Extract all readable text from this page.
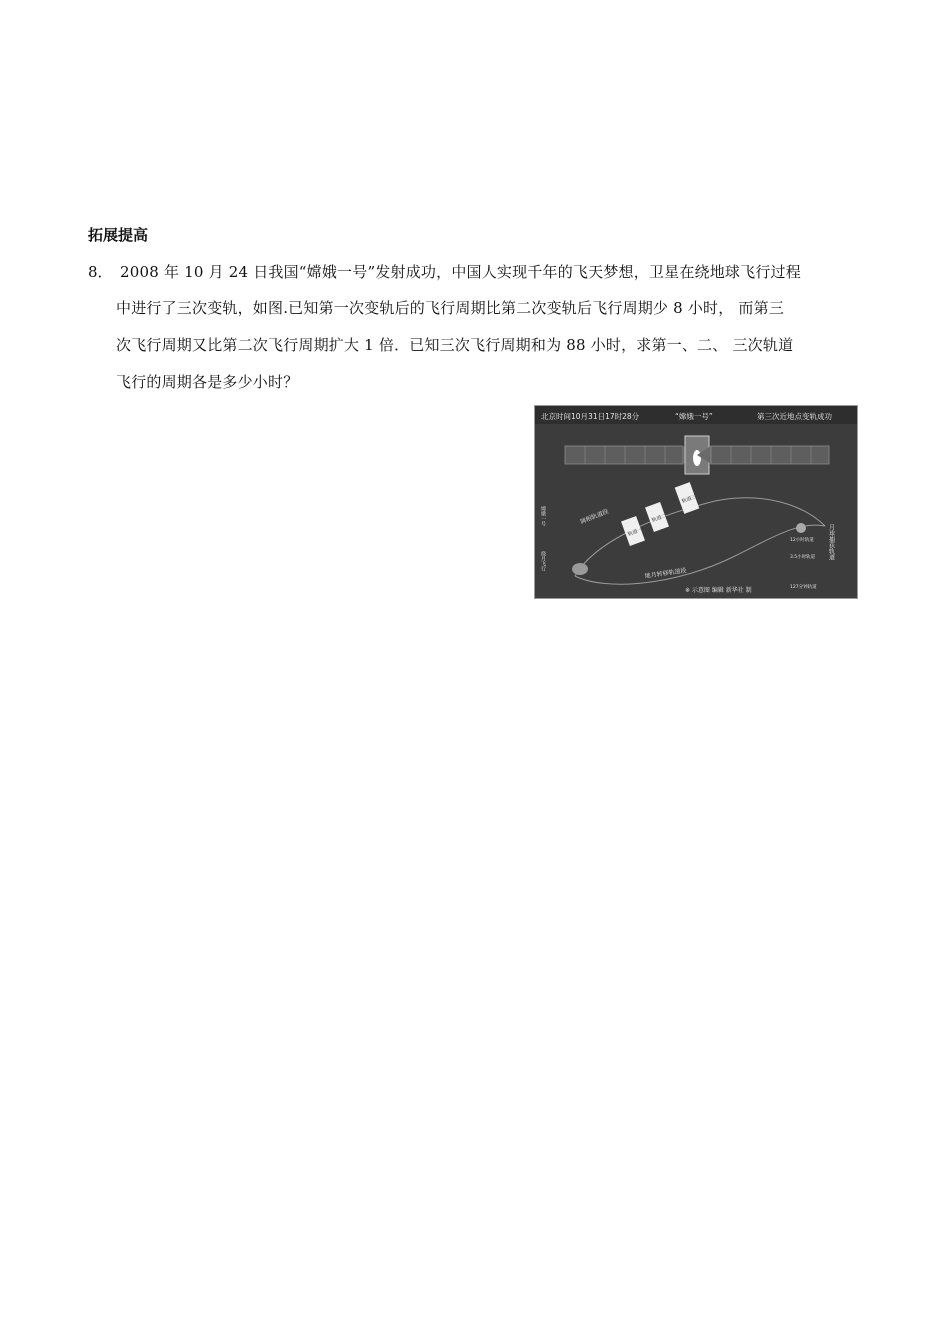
拓展提高
8． 2008 年 10 月 24 日我国“嫦娥一号”发射成功，中国人实现千年的飞天梦想，卫星在绕地球飞行过程
中进行了三次变轨，如图.已知第一次变轨后的飞行周期比第二次变轨后飞行周期少 8 小时， 而第三
次飞行周期又比第二次飞行周期扩大 1 倍．已知三次飞行周期和为 88 小时，求第一、二、 三次轨道
飞行的周期各是多少小时？
北京时间10月31日17时28分	“嫦娥一号”	第三次近地点变轨成功
轨道一
轨道二
轨道三
调相轨道段
地月转移轨道段
※ 示意图 编辑 新华社 制
月球捕获轨道
嫦娥一号
绕月飞行
12小时轨道
3.5小时轨道
127分钟轨道
